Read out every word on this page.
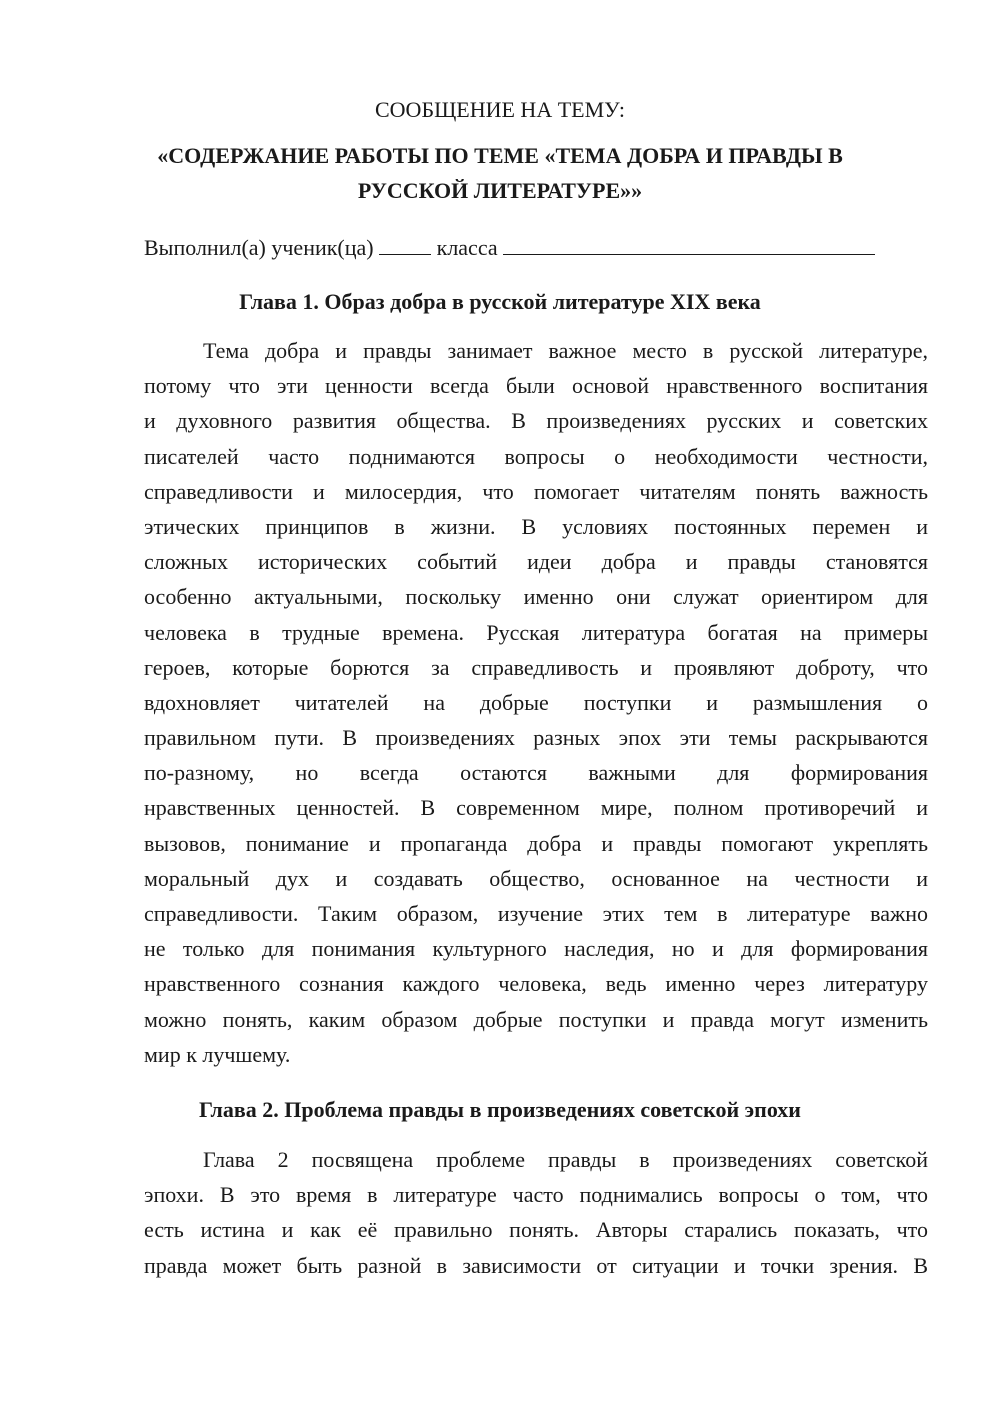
СООБЩЕНИЕ НА ТЕМУ:
«СОДЕРЖАНИЕ РАБОТЫ ПО ТЕМЕ «ТЕМА ДОБРА И ПРАВДЫ В
РУССКОЙ ЛИТЕРАТУРЕ»»
Выполнил(а) ученик(ца)	класса
Глава 1. Образ добра в русской литературе XIX века
Тема добра и правды занимает важное место в русской литературе,
потому что эти ценности всегда были основой нравственного воспитания
и духовного развития общества. В произведениях русских и советских
писателей часто поднимаются вопросы о необходимости честности,
справедливости и милосердия, что помогает читателям понять важность
этических принципов в жизни. В условиях постоянных перемен и
сложных исторических событий идеи добра и правды становятся
особенно актуальными, поскольку именно они служат ориентиром для
человека в трудные времена. Русская литература богатая на примеры
героев, которые борются за справедливость и проявляют доброту, что
вдохновляет читателей на добрые поступки и размышления о
правильном пути. В произведениях разных эпох эти темы раскрываются
по-разному, но всегда остаются важными для формирования
нравственных ценностей. В современном мире, полном противоречий и
вызовов, понимание и пропаганда добра и правды помогают укреплять
моральный дух и создавать общество, основанное на честности и
справедливости. Таким образом, изучение этих тем в литературе важно
не только для понимания культурного наследия, но и для формирования
нравственного сознания каждого человека, ведь именно через литературу
можно понять, каким образом добрые поступки и правда могут изменить
мир к лучшему.
Глава 2. Проблема правды в произведениях советской эпохи
Глава 2 посвящена проблеме правды в произведениях советской
эпохи. В это время в литературе часто поднимались вопросы о том, что
есть истина и как её правильно понять. Авторы старались показать, что
правда может быть разной в зависимости от ситуации и точки зрения. В
